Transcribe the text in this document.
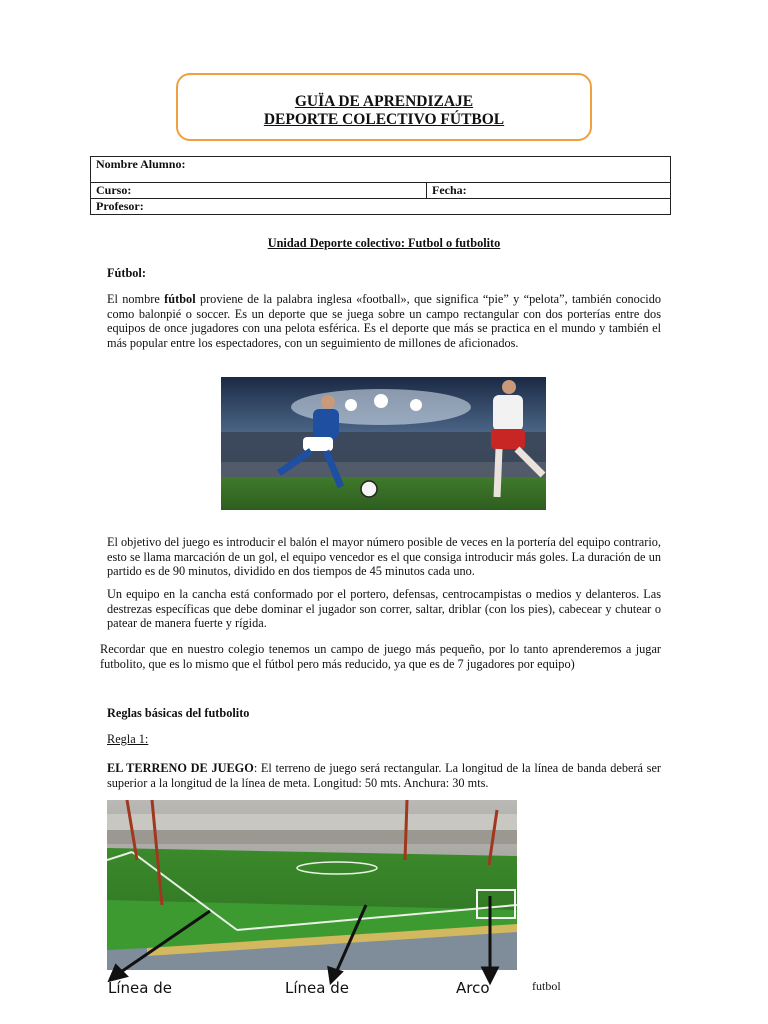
GUÏA DE APRENDIZAJE
DEPORTE COLECTIVO FÚTBOL
Nombre Alumno:
Curso:	Fecha:
Profesor:
Unidad Deporte colectivo: Futbol o futbolito
Fútbol:
El nombre fútbol proviene de la palabra inglesa «football», que significa “pie” y “pelota”, también conocido como balonpié o soccer. Es un deporte que se juega sobre un campo rectangular con dos porterías entre dos equipos de once jugadores con una pelota esférica. Es el deporte que más se practica en el mundo y también el más popular entre los espectadores, con un seguimiento de millones de aficionados.
El objetivo del juego es introducir el balón el mayor número posible de veces en la portería del equipo contrario, esto se llama marcación de un gol, el equipo vencedor es el que consiga introducir más goles. La duración de un partido es de 90 minutos, dividido en dos tiempos de 45 minutos cada uno.
Un equipo en la cancha está conformado por el portero, defensas, centrocampistas o medios y delanteros. Las destrezas específicas que debe dominar el jugador son correr, saltar, driblar (con los pies), cabecear y chutear o patear de manera fuerte y rígida.
Recordar que en nuestro colegio tenemos un campo de juego más pequeño, por lo tanto aprenderemos a jugar futbolito, que es lo mismo que el fútbol pero más reducido, ya que es de 7 jugadores por equipo)
Reglas básicas del futbolito
Regla 1:
EL TERRENO DE JUEGO: El terreno de juego será rectangular. La longitud de la línea de banda deberá ser superior a la longitud de la línea de meta. Longitud: 50 mts. Anchura: 30 mts.
Línea de	Línea de	Arco	futbol
